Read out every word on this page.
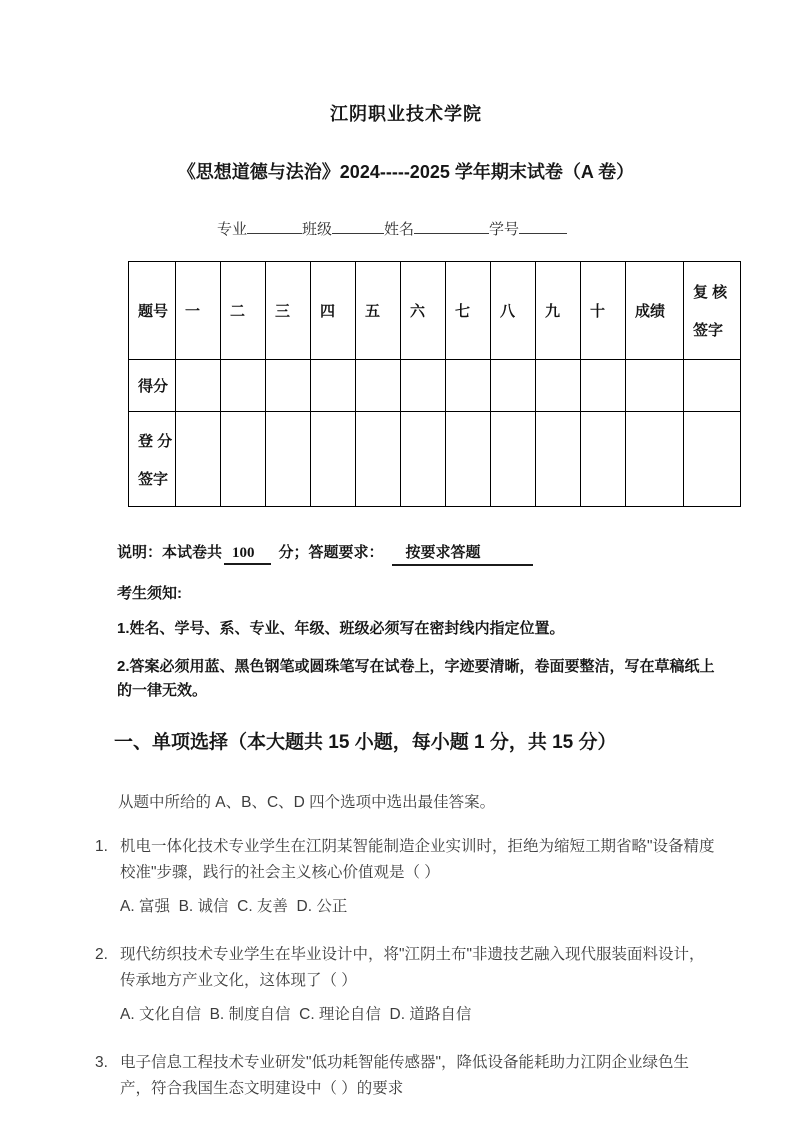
江阴职业技术学院
《思想道德与法治》2024-----2025 学年期末试卷（A 卷）
专业	班级	姓名	学号
题号	一	二	三	四	五	六	七	八	九	十	成绩	复 核
签字

得分												

登 分
签字												

说明：本试卷共 100 分；答题要求： 按要求答题
考生须知:
1.姓名、学号、系、专业、年级、班级必须写在密封线内指定位置。
2.答案必须用蓝、黑色钢笔或圆珠笔写在试卷上，字迹要清晰，卷面要整洁，写在草稿纸上的一律无效。
一、单项选择（本大题共 15 小题，每小题 1 分，共 15 分）
从题中所给的 A、B、C、D 四个选项中选出最佳答案。
1. 机电一体化技术专业学生在江阴某智能制造企业实训时，拒绝为缩短工期省略"设备精度校准"步骤，践行的社会主义核心价值观是（ ）
A. 富强  B. 诚信  C. 友善  D. 公正
2. 现代纺织技术专业学生在毕业设计中，将"江阴土布"非遗技艺融入现代服装面料设计，传承地方产业文化，这体现了（ ）
A. 文化自信  B. 制度自信  C. 理论自信  D. 道路自信
3. 电子信息工程技术专业研发"低功耗智能传感器"，降低设备能耗助力江阴企业绿色生产，符合我国生态文明建设中（ ）的要求
